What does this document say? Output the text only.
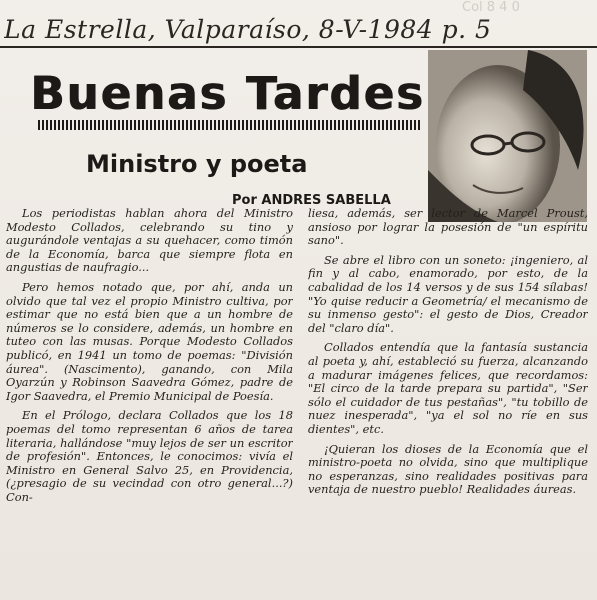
La Estrella, Valparaíso, 8-V-1984 p. 5
Col 8 4 0
Buenas Tardes
Ministro y poeta
Por ANDRES SABELLA

Los periodistas hablan ahora del Ministro Modesto Collados, celebrando su tino y augurándole ventajas a su quehacer, como timón de la Economía, barca que siempre flota en angustias de naufragio...

Pero hemos notado que, por ahí, anda un olvido que tal vez el propio Ministro cultiva, por estimar que no está bien que a un hombre de números se lo considere, además, un hombre en tuteo con las musas. Porque Modesto Collados publicó, en 1941 un tomo de poemas: "División áurea". (Nascimento), ganando, con Mila Oyarzún y Robinson Saavedra Gómez, padre de Igor Saavedra, el Premio Municipal de Poesía.

En el Prólogo, declara Collados que los 18 poemas del tomo representan 6 años de tarea literaria, hallándose "muy lejos de ser un escritor de profesión". Entonces, le conocimos: vivía el Ministro en General Salvo 25, en Providencia, (¿presagio de su vecindad con otro general...?) Con-

liesa, además, ser lector de Marcel Proust, ansioso por lograr la posesión de "un espíritu sano".

Se abre el libro con un soneto: ¡ingeniero, al fin y al cabo, enamorado, por esto, de la cabalidad de los 14 versos y de sus 154 sílabas! "Yo quise reducir a Geometría/ el mecanismo de su inmenso gesto": el gesto de Dios, Creador del "claro día".

Collados entendía que la fantasía sustancia al poeta y, ahí, estableció su fuerza, alcanzando a madurar imágenes felices, que recordamos: "El circo de la tarde prepara su partida", "Ser sólo el cuidador de tus pestañas", "tu tobillo de nuez inesperada", "ya el sol no ríe en sus dientes", etc.

¡Quieran los dioses de la Economía que el ministro-poeta no olvida, sino que multiplique no esperanzas, sino realidades positivas para ventaja de nuestro pueblo! Realidades áureas.
